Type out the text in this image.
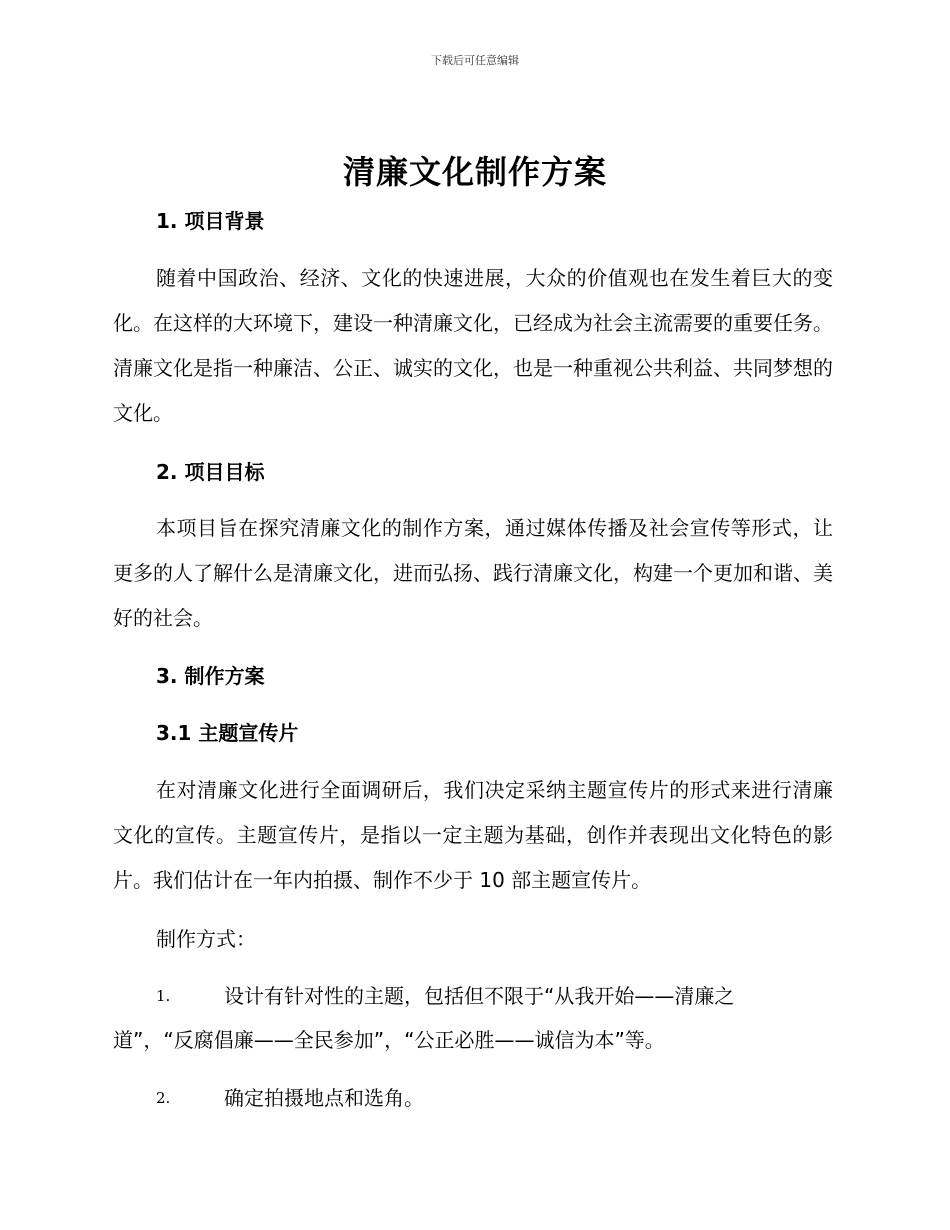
下载后可任意编辑
清廉文化制作方案
1. 项目背景
随着中国政治、经济、文化的快速进展，大众的价值观也在发生着巨大的变化。在这样的大环境下，建设一种清廉文化，已经成为社会主流需要的重要任务。清廉文化是指一种廉洁、公正、诚实的文化，也是一种重视公共利益、共同梦想的文化。
2. 项目目标
本项目旨在探究清廉文化的制作方案，通过媒体传播及社会宣传等形式，让更多的人了解什么是清廉文化，进而弘扬、践行清廉文化，构建一个更加和谐、美好的社会。
3. 制作方案
3.1 主题宣传片
在对清廉文化进行全面调研后，我们决定采纳主题宣传片的形式来进行清廉文化的宣传。主题宣传片，是指以一定主题为基础，创作并表现出文化特色的影片。我们估计在一年内拍摄、制作不少于 10 部主题宣传片。
制作方式：
1.	设计有针对性的主题，包括但不限于“从我开始——清廉之
道”，“反腐倡廉——全民参加”，“公正必胜——诚信为本”等。
2.	确定拍摄地点和选角。
